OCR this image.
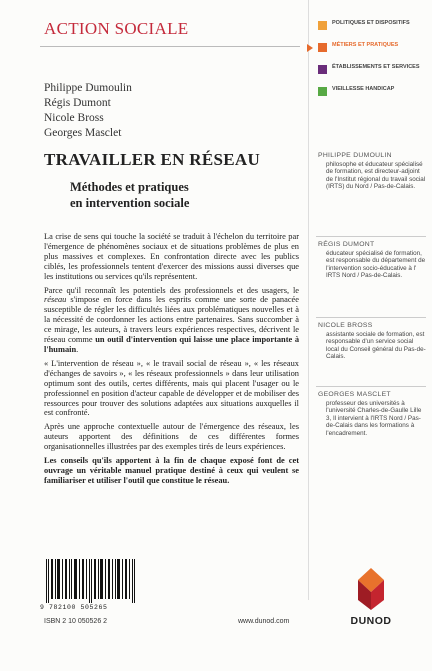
ACTION SOCIALE	POLITIQUES ET DISPOSITIFS
MÉTIERS ET PRATIQUES
ÉTABLISSEMENTS ET SERVICES
VIEILLESSE HANDICAP
Philippe Dumoulin
Régis Dumont
Nicole Bross
Georges Masclet
TRAVAILLER EN RÉSEAU
Méthodes et pratiques
en intervention sociale

La crise de sens qui touche la société se traduit à l'échelon du territoire par l'émergence de phénomènes sociaux et de situations problèmes de plus en plus massives et complexes. En confrontation directe avec les publics ciblés, les professionnels tentent d'exercer des missions aussi diverses que les institutions ou services qu'ils représentent.

Parce qu'il reconnaît les potentiels des professionnels et des usagers, le réseau s'impose en force dans les esprits comme une sorte de panacée susceptible de régler les difficultés liées aux problématiques nouvelles et à la nécessité de coordonner les actions entre partenaires. Sans succomber à ce mirage, les auteurs, à travers leurs expériences respectives, décrivent le réseau comme un outil d'intervention qui laisse une place importante à l'humain.

« L'intervention de réseau », « le travail social de réseau », « les réseaux d'échanges de savoirs », « les réseaux professionnels » dans leur utilisation optimum sont des outils, certes différents, mais qui placent l'usager ou le professionnel en position d'acteur capable de développer et de mobiliser des ressources pour trouver des solutions adaptées aux situations auxquelles il est confronté.

Après une approche contextuelle autour de l'émergence des réseaux, les auteurs apportent des définitions de ces différentes formes organisationnelles illustrées par des exemples tirés de leurs expériences.

Les conseils qu'ils apportent à la fin de chaque exposé font de cet ouvrage un véritable manuel pratique destiné à ceux qui veulent se familiariser et utiliser l'outil que constitue le réseau.

PHILIPPE DUMOULIN
philosophe et éducateur spécialisé de formation, est directeur-adjoint de l'Institut régional du travail social (IRTS) du Nord / Pas-de-Calais.
RÉGIS DUMONT
éducateur spécialisé de formation, est responsable du département de l'intervention socio-éducative à l' IRTS Nord / Pas-de-Calais.
NICOLE BROSS
assistante sociale de formation, est responsable d'un service social local du Conseil général du Pas-de-Calais.
GEORGES MASCLET
professeur des universités à l'université Charles-de-Gaulle Lille 3, Il intervient à l'IRTS Nord / Pas-de-Calais dans les formations à l'encadrement.
9 782100 505265
ISBN 2 10 050526 2	www.dunod.com	DUNOD
